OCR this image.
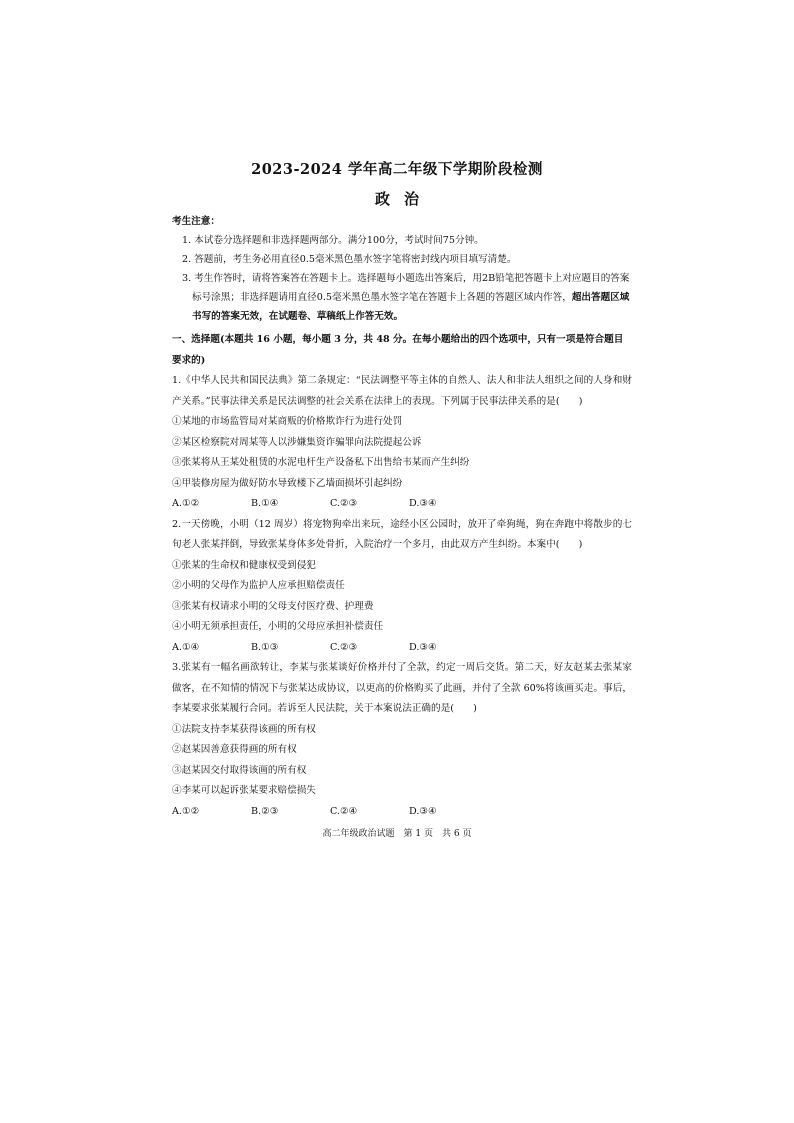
2023-2024 学年高二年级下学期阶段检测
政治
考生注意：
1. 本试卷分选择题和非选择题两部分。满分100分，考试时间75分钟。
2. 答题前，考生务必用直径0.5毫米黑色墨水签字笔将密封线内项目填写清楚。
3. 考生作答时，请将答案答在答题卡上。选择题每小题选出答案后，用2B铅笔把答题卡上对应题目的答案标号涂黑；非选择题请用直径0.5毫米黑色墨水签字笔在答题卡上各题的答题区域内作答，超出答题区域书写的答案无效，在试题卷、草稿纸上作答无效。
一、选择题(本题共 16 小题，每小题 3 分，共 48 分。在每小题给出的四个选项中，只有一项是符合题目要求的)

1.《中华人民共和国民法典》第二条规定：“民法调整平等主体的自然人、法人和非法人组织之间的人身和财产关系。”民事法律关系是民法调整的社会关系在法律上的表现。下列属于民事法律关系的是(　　)

①某地的市场监管局对某商贩的价格欺诈行为进行处罚

②某区检察院对周某等人以涉嫌集资诈骗罪向法院提起公诉

③张某将从王某处租赁的水泥电杆生产设备私下出售给韦某而产生纠纷

④甲装修房屋为做好防水导致楼下乙墙面损坏引起纠纷

A.①②	B.①④	C.②③	D.③④

2.一天傍晚，小明（12 周岁）将宠物狗牵出来玩，途经小区公园时，放开了牵狗绳，狗在奔跑中将散步的七旬老人张某拌倒，导致张某身体多处骨折，入院治疗一个多月，由此双方产生纠纷。本案中(　　)

①张某的生命权和健康权受到侵犯

②小明的父母作为监护人应承担赔偿责任

③张某有权请求小明的父母支付医疗费、护理费

④小明无须承担责任，小明的父母应承担补偿责任

A.①④	B.①③	C.②③	D.③④

3.张某有一幅名画欲转让，李某与张某谈好价格并付了全款，约定一周后交货。第二天，好友赵某去张某家做客，在不知情的情况下与张某达成协议，以更高的价格购买了此画，并付了全款 60%将该画买走。事后，李某要求张某履行合同。若诉至人民法院，关于本案说法正确的是(　　)

①法院支持李某获得该画的所有权

②赵某因善意获得画的所有权

③赵某因交付取得该画的所有权

④李某可以起诉张某要求赔偿损失

A.①②	B.②③	C.②④	D.③④
高二年级政治试题　第 1 页　共 6 页
